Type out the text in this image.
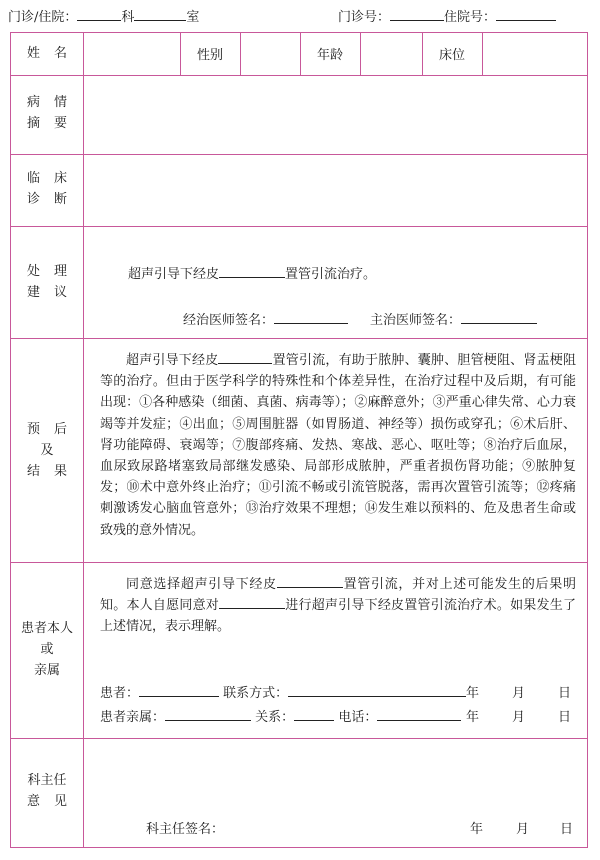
门诊/住院：	科	室	门诊号：	住院号：
姓 名	性别	年龄	床位
病 情
摘 要
临 床
诊 断
处 理
建 议
超声引导下经皮	置管引流治疗。
经治医师签名：	主治医师签名：
预 后
及
结 果
超声引导下经皮	置管引流，有助于脓肿、囊肿、胆管梗阻、肾盂梗阻等的治疗。但由于医学科学的特殊性和个体差异性，在治疗过程中及后期，有可能出现：①各种感染（细菌、真菌、病毒等）；②麻醉意外；③严重心律失常、心力衰竭等并发症；④出血；⑤周围脏器（如胃肠道、神经等）损伤或穿孔；⑥术后肝、肾功能障碍、衰竭等；⑦腹部疼痛、发热、寒战、恶心、呕吐等；⑧治疗后血尿，血尿致尿路堵塞致局部继发感染、局部形成脓肿，严重者损伤肾功能；⑨脓肿复发；⑩术中意外终止治疗；⑪引流不畅或引流管脱落，需再次置管引流等；⑫疼痛刺激诱发心脑血管意外；⑬治疗效果不理想；⑭发生难以预料的、危及患者生命或致残的意外情况。
患者本人
或
亲属
同意选择超声引导下经皮	置管引流，并对上述可能发生的后果明知。本人自愿同意对	进行超声引导下经皮置管引流治疗术。如果发生了上述情况，表示理解。
患者：	联系方式：	年	月	日
患者亲属：	关系：	电话：	年	月	日
科主任
意 见
科主任签名：	年	月 日
